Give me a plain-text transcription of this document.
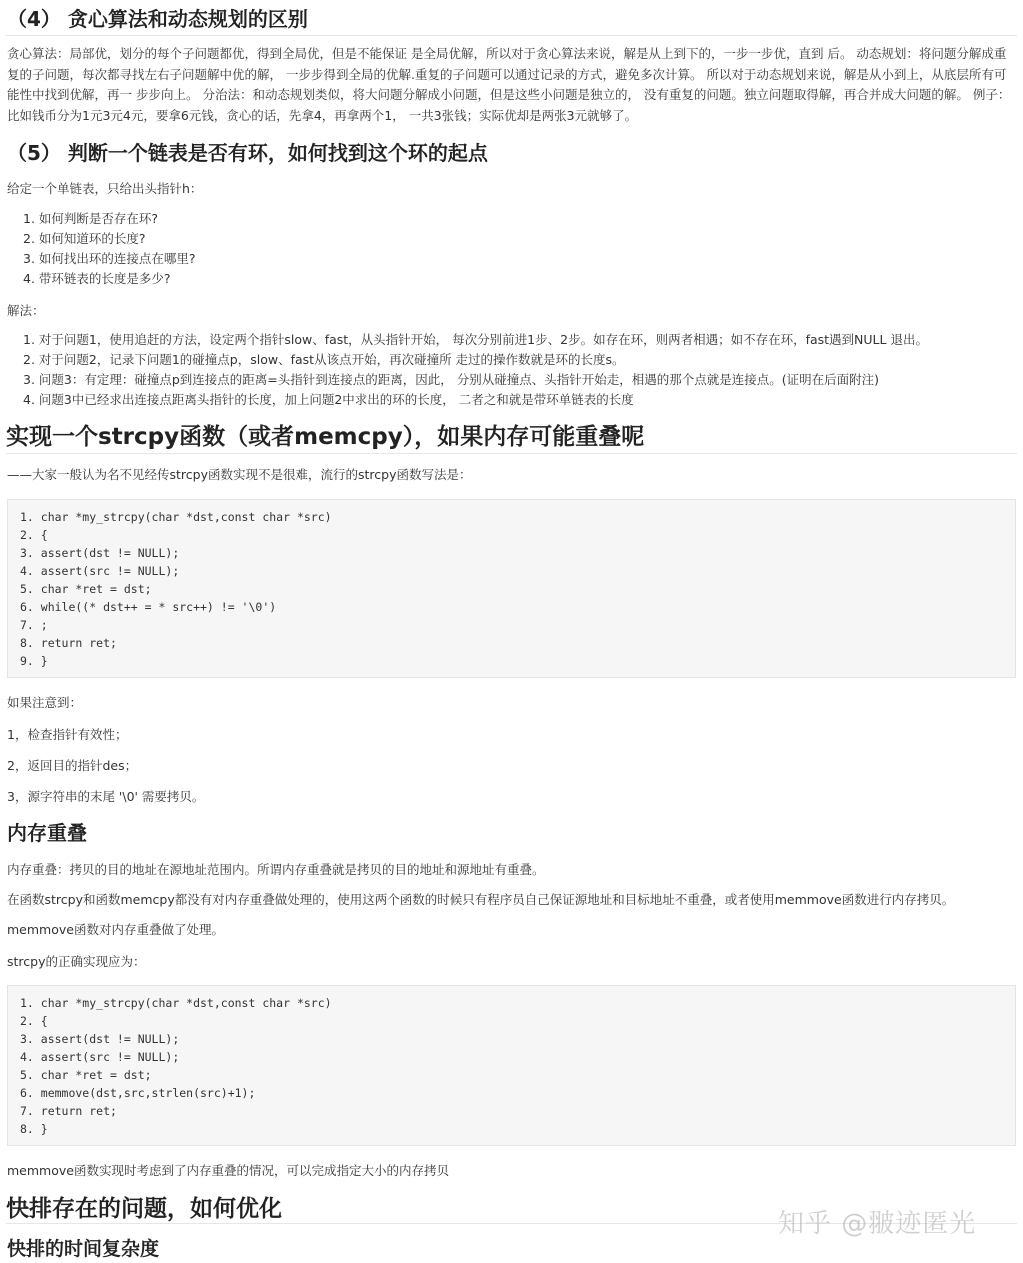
（4） 贪心算法和动态规划的区别

贪心算法：局部优，划分的每个子问题都优，得到全局优，但是不能保证 是全局优解，所以对于贪心算法来说，解是从上到下的，一步一步优，直到 后。 动态规划：将问题分解成重复的子问题，每次都寻找左右子问题解中优的解， 一步步得到全局的优解.重复的子问题可以通过记录的方式，避免多次计算。 所以对于动态规划来说，解是从小到上，从底层所有可能性中找到优解，再一 步步向上。 分治法：和动态规划类似，将大问题分解成小问题，但是这些小问题是独立的， 没有重复的问题。独立问题取得解，再合并成大问题的解。 例子：比如钱币分为1元3元4元，要拿6元钱，贪心的话，先拿4，再拿两个1， 一共3张钱；实际优却是两张3元就够了。

（5） 判断一个链表是否有环，如何找到这个环的起点

给定一个单链表，只给出头指针h：

1. 如何判断是否存在环?
2. 如何知道环的长度?
3. 如何找出环的连接点在哪里?
4. 带环链表的长度是多少?

解法：

1. 对于问题1，使用追赶的方法，设定两个指针slow、fast，从头指针开始， 每次分别前进1步、2步。如存在环，则两者相遇；如不存在环，fast遇到NULL 退出。
2. 对于问题2，记录下问题1的碰撞点p，slow、fast从该点开始，再次碰撞所 走过的操作数就是环的长度s。
3. 问题3：有定理：碰撞点p到连接点的距离=头指针到连接点的距离，因此， 分别从碰撞点、头指针开始走，相遇的那个点就是连接点。(证明在后面附注)
4. 问题3中已经求出连接点距离头指针的长度，加上问题2中求出的环的长度， 二者之和就是带环单链表的长度
实现一个strcpy函数（或者memcpy），如果内存可能重叠呢

——大家一般认为名不见经传strcpy函数实现不是很难，流行的strcpy函数写法是：

1. char *my_strcpy(char *dst,const char *src)
2. {
3. assert(dst != NULL);
4. assert(src != NULL);
5. char *ret = dst;
6. while((* dst++ = * src++) != '\0')
7. ;
8. return ret;
9. }

如果注意到：

1，检查指针有效性；

2，返回目的指针des；

3，源字符串的末尾 '\0' 需要拷贝。

内存重叠

内存重叠：拷贝的目的地址在源地址范围内。所谓内存重叠就是拷贝的目的地址和源地址有重叠。

在函数strcpy和函数memcpy都没有对内存重叠做处理的，使用这两个函数的时候只有程序员自己保证源地址和目标地址不重叠，或者使用memmove函数进行内存拷贝。

memmove函数对内存重叠做了处理。

strcpy的正确实现应为：

1. char *my_strcpy(char *dst,const char *src)
2. {
3. assert(dst != NULL);
4. assert(src != NULL);
5. char *ret = dst;
6. memmove(dst,src,strlen(src)+1);
7. return ret;
8. }

memmove函数实现时考虑到了内存重叠的情况，可以完成指定大小的内存拷贝

快排存在的问题，如何优化
快排的时间复杂度
知乎 @翍迹匿光
